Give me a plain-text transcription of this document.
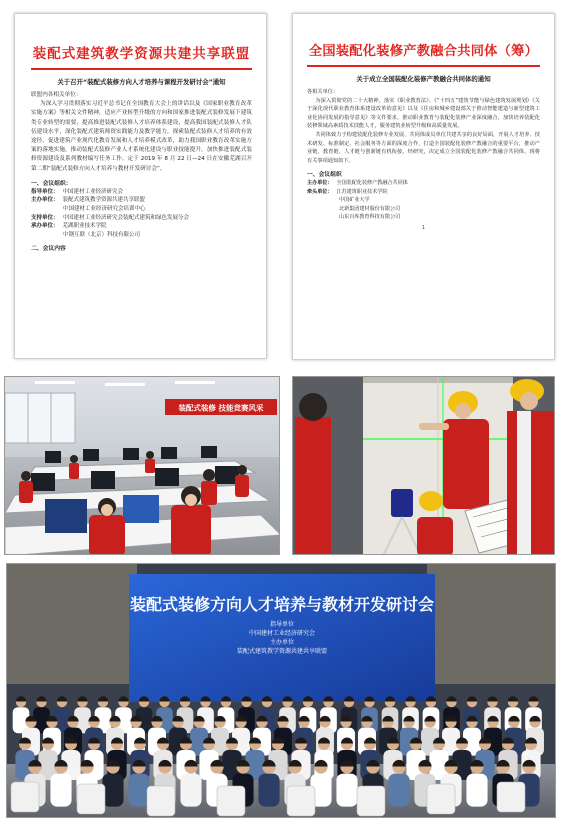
装配式建筑教学资源共建共享联盟
关于召开“装配式装修方向人才培养与课程开发研讨会”通知
联盟内各相关单位：

为深入学习贯彻落实习近平总书记在全国教育大会上的讲话以及《国家职业教育改革实施方案》等相关文件精神，适应产业转型升级的方向和国家推进装配式装修发展下建筑类专业转型的需要，提高推进装配式装修人才培养体系建设，提高我国装配式装修人才队伍建设水平，深化装配式建筑师资实践能力及教学能力，探索装配式装修人才培养的有效途径，促进建筑产业现代化教育发展和人才培养模式改革，助力我国职业教育改革实施方案的落地实施，推动装配式装修产业人才系统化建设与职业技能提升，加快推进装配式装修资源建设及系列教材编写任务工作。定于 2019 年 8 月 22 日—24 日在安徽芜湖召开第二期“装配式装修方向人才培养与教材开发研讨会”。

一、会议组织：
指导单位： 中国建材工业经济研究会
主办单位： 装配式建筑教学资源共建共享联盟
中国建材工业经济研究会培训中心
支持单位： 中国建材工业经济研究会装配式建筑和绿色发展分会
承办单位： 芜湖职业技术学院
中钢互联（北京）科技有限公司
二、会议内容
全国装配化装修产教融合共同体（筹）
关于成立全国装配化装修产教融合共同体的通知
各相关单位：

为深入贯彻党的二十大精神，落实《职业教育法》、《“十四五”建筑节能与绿色建筑发展规划》《关于深化现代职业教育体系建设改革的意见》以及《住房和城乡建设部关于推动智能建造与新型建筑工业化协同发展的指导意见》等文件要求，推动职业教育与装配化装修产业深度融合，加快培养装配化装修领域高素质技术技能人才，服务建筑业转型升级和高质量发展。

共同体致力于构建装配化装修专业发展、共同体成员单位共建共享的良好局面，开展人才培养、技术研发、标准制定、社会服务等方面的深度合作，打造全国装配化装修产教融合的重要平台，推动产业链、教育链、人才链与创新链有机衔接。经研究，决定成立全国装配化装修产教融合共同体，现将有关事项通知如下。

一、会议组织
主办单位： 全国装配化装修产教融合共同体
牵头单位： 江苏建筑职业技术学院
中国矿业大学
北新集团建材股份有限公司
山东百库教育科技有限公司
1
装配式装修 技能竞赛风采
装配式装修方向人才培养与教材开发研讨会
指导单位
中国建材工业经济研究会
主办单位
装配式建筑教学资源共建共享联盟
